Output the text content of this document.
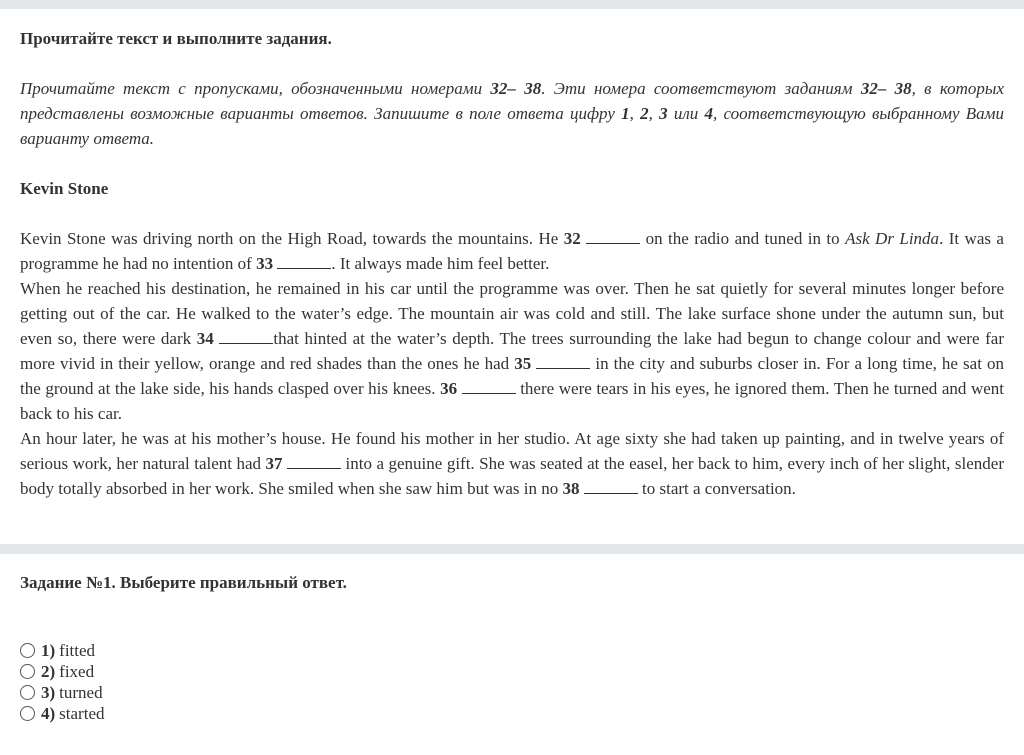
Прочитайте текст и выполните задания.

Прочитайте текст с пропусками, обозначенными номерами 32– 38. Эти номера соответствуют заданиям 32– 38, в которых представлены возможные варианты ответов. Запишите в поле ответа цифру 1, 2, 3 или 4, соответствующую выбранному Вами варианту ответа.

Kevin Stone

Kevin Stone was driving north on the High Road, towards the mountains. He 32	on the radio and tuned in to Ask Dr Linda. It was a programme he had no intention of 33	. It always made him feel better.

When he reached his destination, he remained in his car until the programme was over. Then he sat quietly for several minutes longer before getting out of the car. He walked to the water’s edge. The mountain air was cold and still. The lake surface shone under the autumn sun, but even so, there were dark 34	that hinted at the water’s depth. The trees surrounding the lake had begun to change colour and were far more vivid in their yellow, orange and red shades than the ones he had 35	in the city and suburbs closer in. For a long time, he sat on the ground at the lake side, his hands clasped over his knees. 36	there were tears in his eyes, he ignored them. Then he turned and went back to his car.

An hour later, he was at his mother’s house. He found his mother in her studio. At age sixty she had taken up painting, and in twelve years of serious work, her natural talent had 37	into a genuine gift. She was seated at the easel, her back to him, every inch of her slight, slender body totally absorbed in her work. She smiled when she saw him but was in no 38	to start a conversation.

Задание №1. Выберите правильный ответ.
1) fitted
2) fixed
3) turned
4) started
